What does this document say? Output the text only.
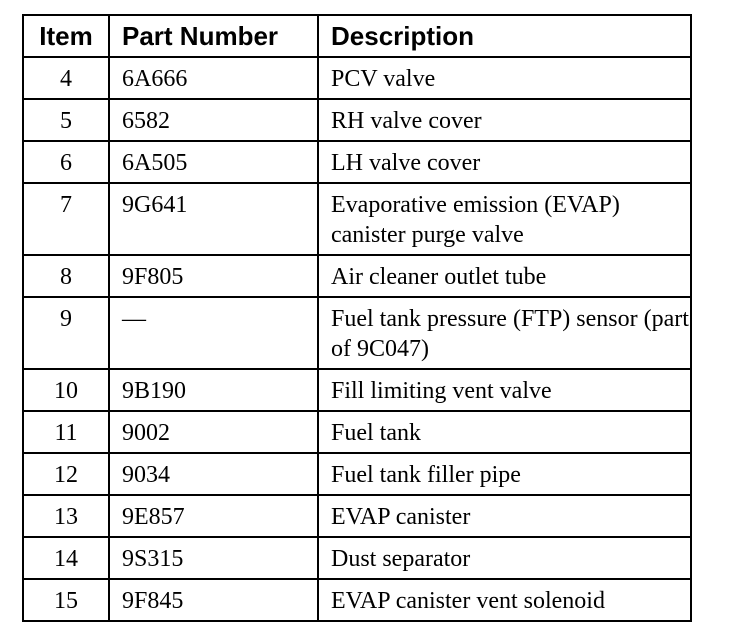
Item	Part Number	Description
4	6A666	PCV valve
5	6582	RH valve cover
6	6A505	LH valve cover
7	9G641	Evaporative emission (EVAP) canister purge valve
8	9F805	Air cleaner outlet tube
9	—	Fuel tank pressure (FTP) sensor (part of 9C047)
10	9B190	Fill limiting vent valve
11	9002	Fuel tank
12	9034	Fuel tank filler pipe
13	9E857	EVAP canister
14	9S315	Dust separator
15	9F845	EVAP canister vent solenoid
